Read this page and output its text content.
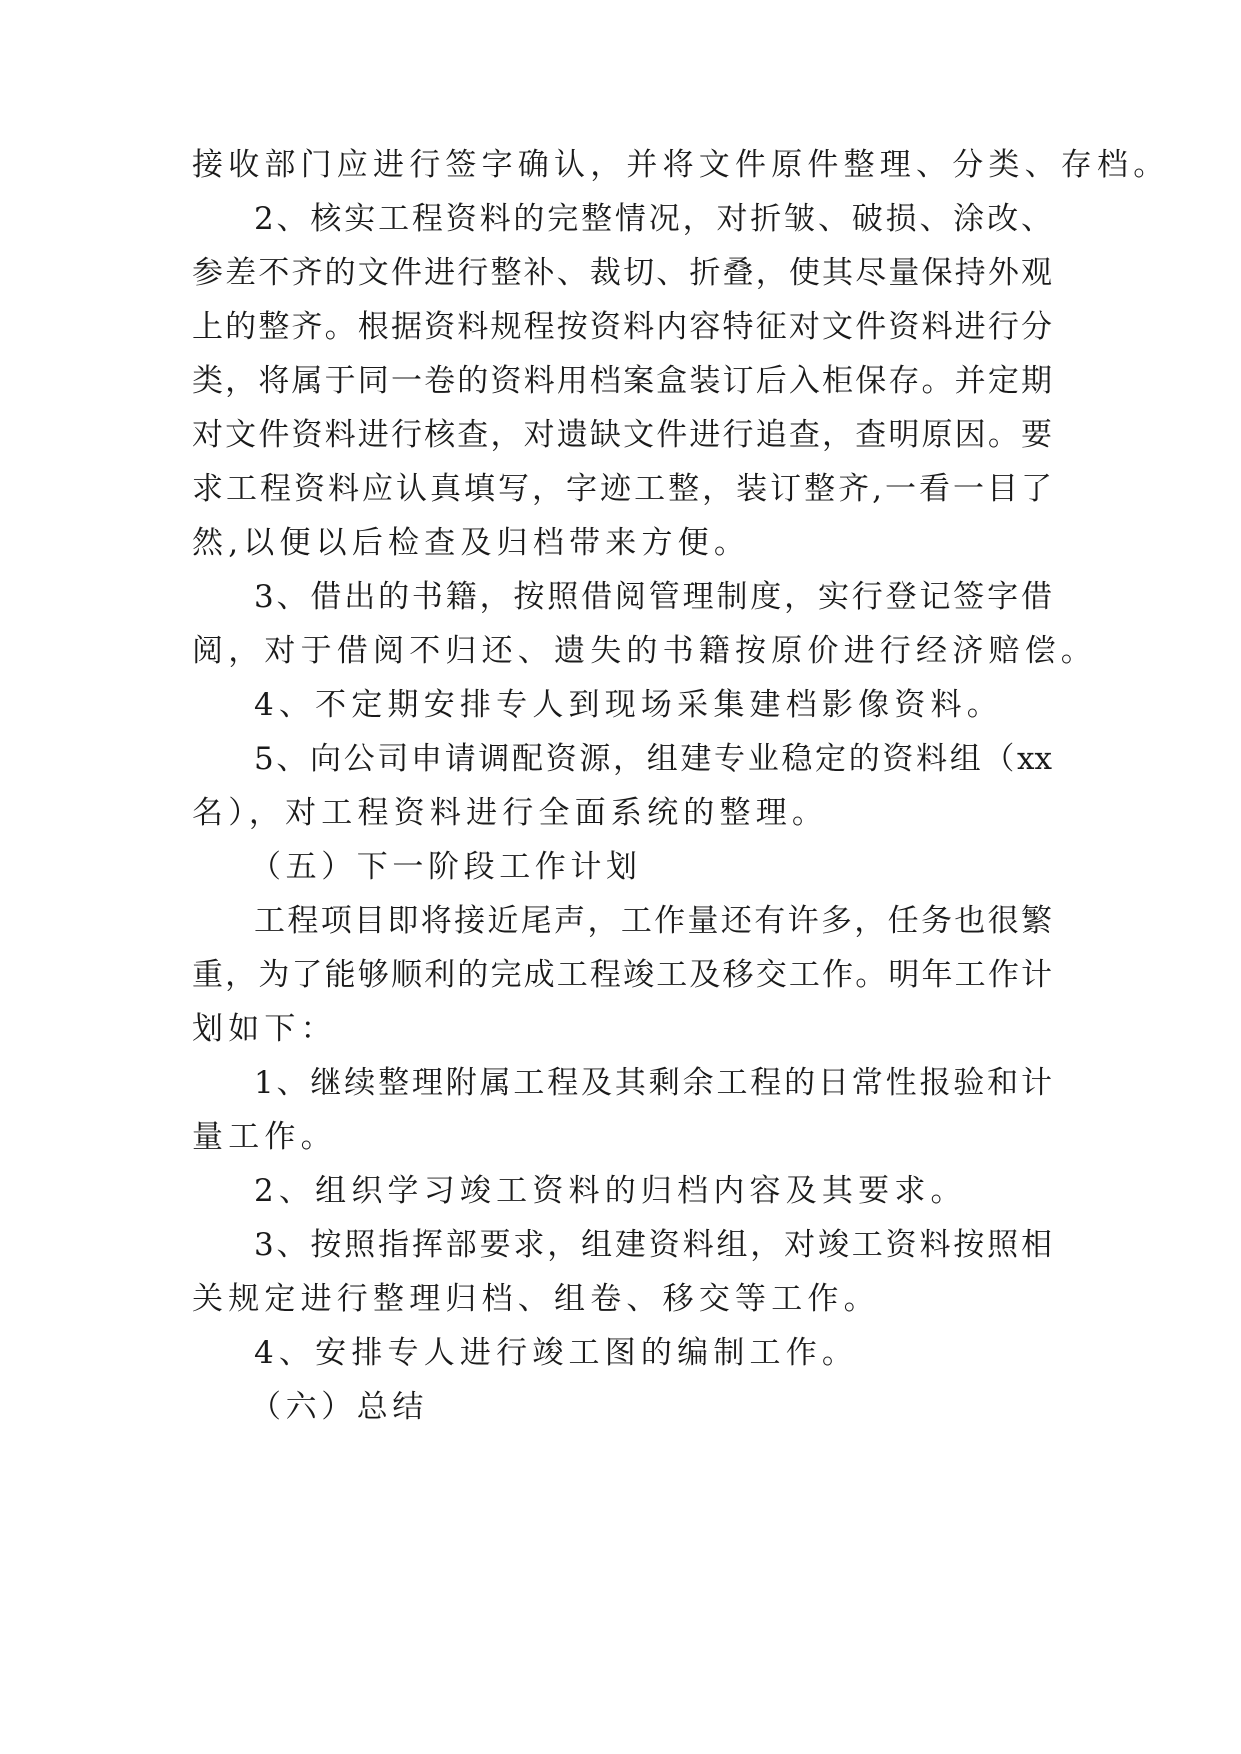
接收部门应进行签字确认，并将文件原件整理、分类、存档。
2、核实工程资料的完整情况，对折皱、破损、涂改、
参差不齐的文件进行整补、裁切、折叠，使其尽量保持外观
上的整齐。根据资料规程按资料内容特征对文件资料进行分
类，将属于同一卷的资料用档案盒装订后入柜保存。并定期
对文件资料进行核查，对遗缺文件进行追查，查明原因。要
求工程资料应认真填写，字迹工整，装订整齐,一看一目了
然,以便以后检查及归档带来方便。
3、借出的书籍，按照借阅管理制度，实行登记签字借
阅，对于借阅不归还、遗失的书籍按原价进行经济赔偿。
4、不定期安排专人到现场采集建档影像资料。
5、向公司申请调配资源，组建专业稳定的资料组（xx
名），对工程资料进行全面系统的整理。
（五）下一阶段工作计划
工程项目即将接近尾声，工作量还有许多，任务也很繁
重，为了能够顺利的完成工程竣工及移交工作。明年工作计
划如下：
1、继续整理附属工程及其剩余工程的日常性报验和计
量工作。
2、组织学习竣工资料的归档内容及其要求。
3、按照指挥部要求，组建资料组，对竣工资料按照相
关规定进行整理归档、组卷、移交等工作。
4、安排专人进行竣工图的编制工作。
（六）总结
